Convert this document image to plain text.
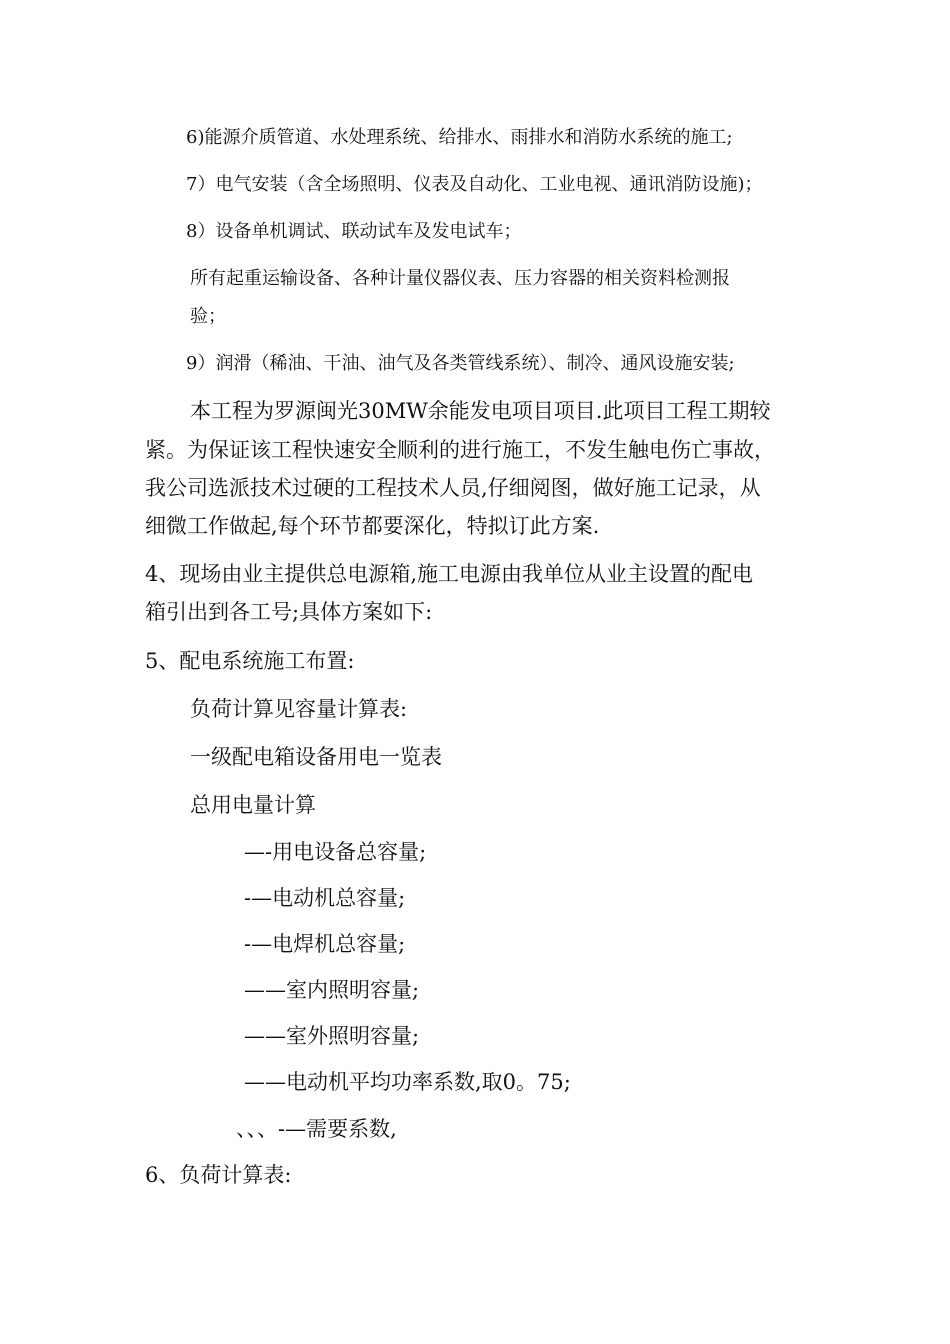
6)能源介质管道、水处理系统、给排水、雨排水和消防水系统的施工;
7）电气安装（含全场照明、仪表及自动化、工业电视、通讯消防设施)；
8）设备单机调试、联动试车及发电试车；
所有起重运输设备、各种计量仪器仪表、压力容器的相关资料检测报
验；
9）润滑（稀油、干油、油气及各类管线系统）、制冷、通风设施安装;
本工程为罗源闽光30MW余能发电项目项目.此项目工程工期较
紧。为保证该工程快速安全顺利的进行施工，不发生触电伤亡事故，
我公司选派技术过硬的工程技术人员,仔细阅图，做好施工记录，从
细微工作做起,每个环节都要深化，特拟订此方案.
4、现场由业主提供总电源箱,施工电源由我单位从业主设置的配电
箱引出到各工号;具体方案如下:
5、配电系统施工布置:
负荷计算见容量计算表:
一级配电箱设备用电一览表
总用电量计算
—-用电设备总容量;
-—电动机总容量;
-—电焊机总容量;
——室内照明容量;
——室外照明容量;
——电动机平均功率系数,取0。75;
、、、-—需要系数,
6、负荷计算表:
